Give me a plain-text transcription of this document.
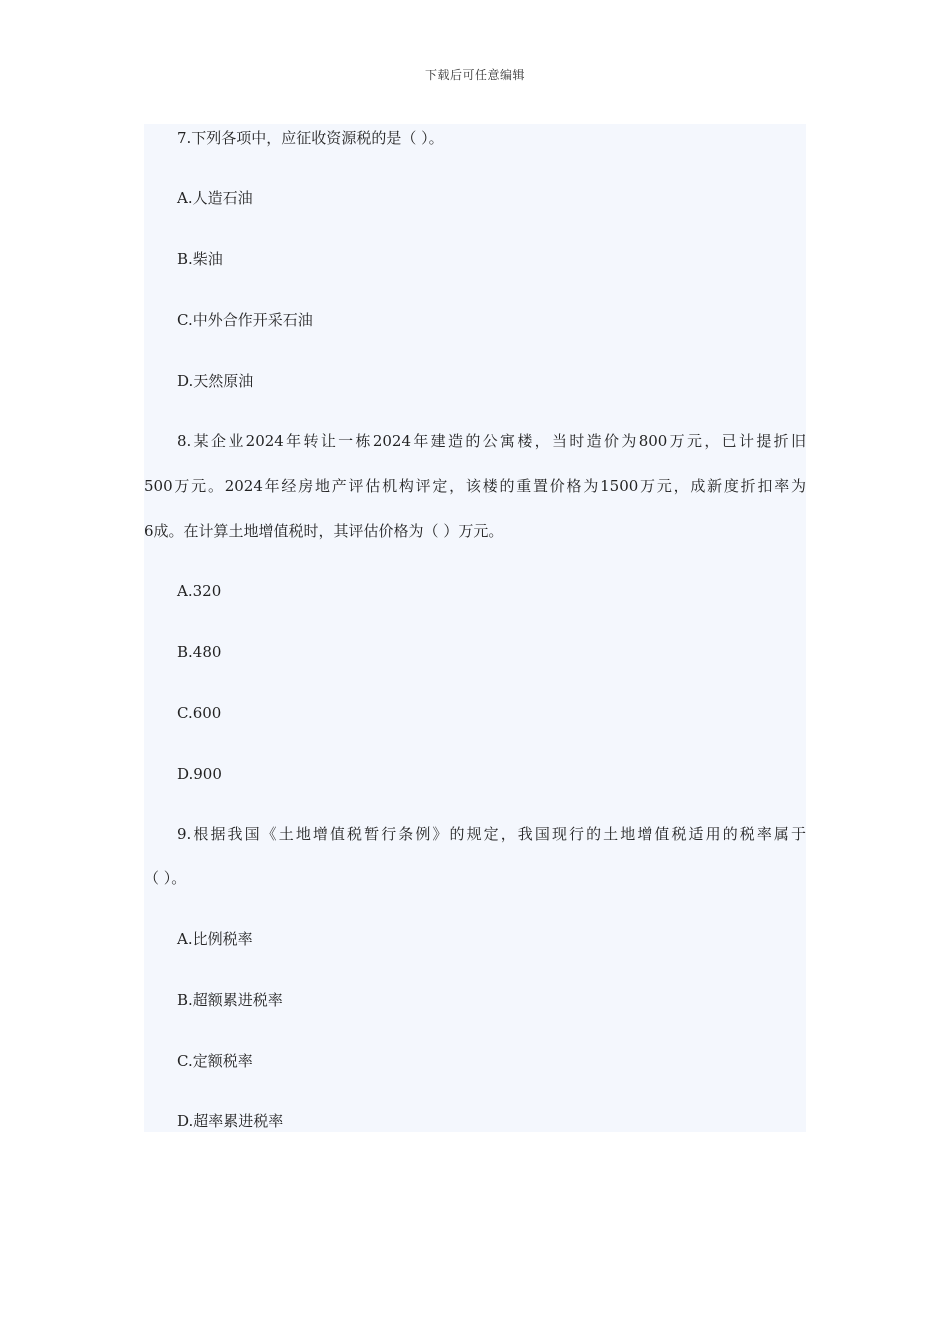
下载后可任意编辑
7.下列各项中，应征收资源税的是（ ）。
A.人造石油
B.柴油
C.中外合作开采石油
D.天然原油
8.某企业2024年转让一栋2024年建造的公寓楼，当时造价为800万元，已计提折旧
500万元。2024年经房地产评估机构评定，该楼的重置价格为1500万元，成新度折扣率为
6成。在计算土地增值税时，其评估价格为（ ）万元。
A.320
B.480
C.600
D.900
9.根据我国《土地增值税暂行条例》的规定，我国现行的土地增值税适用的税率属于
（ ）。
A.比例税率
B.超额累进税率
C.定额税率
D.超率累进税率
